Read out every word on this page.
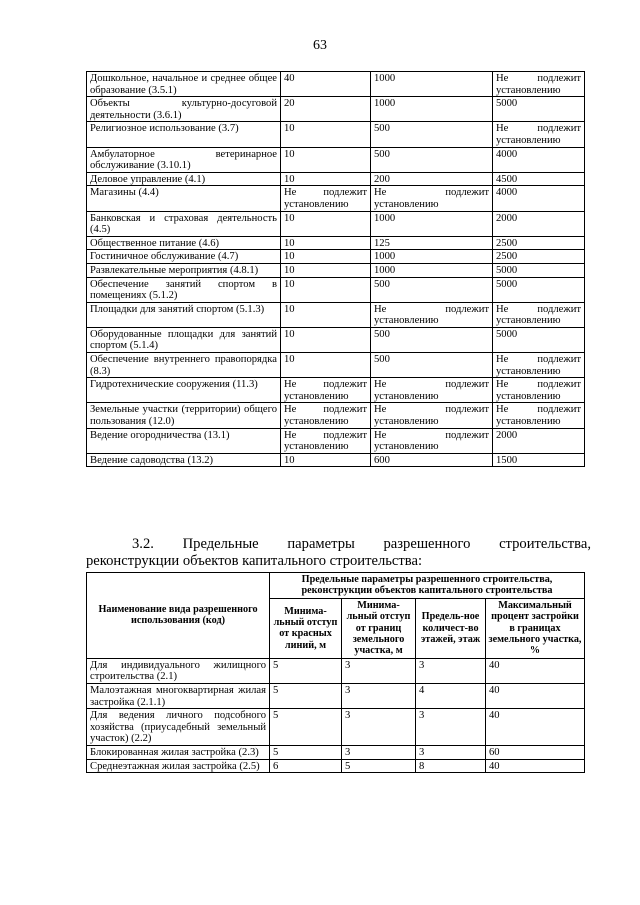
63
Дошкольное, начальное и среднее общее образование (3.5.1)	40	1000	Не подлежит установлению
Объекты культурно-досуговой деятельности (3.6.1)	20	1000	5000
Религиозное использование (3.7)	10	500	Не подлежит установлению
Амбулаторное ветеринарное обслуживание (3.10.1)	10	500	4000
Деловое управление (4.1)	10	200	4500
Магазины (4.4)	Не подлежит установлению	Не подлежит установлению	4000
Банковская и страховая деятельность (4.5)	10	1000	2000
Общественное питание (4.6)	10	125	2500
Гостиничное обслуживание (4.7)	10	1000	2500
Развлекательные мероприятия (4.8.1)	10	1000	5000
Обеспечение занятий спортом в помещениях (5.1.2)	10	500	5000
Площадки для занятий спортом (5.1.3)	10	Не подлежит установлению	Не подлежит установлению
Оборудованные площадки для занятий спортом (5.1.4)	10	500	5000
Обеспечение внутреннего правопорядка (8.3)	10	500	Не подлежит установлению
Гидротехнические сооружения (11.3)	Не подлежит установлению	Не подлежит установлению	Не подлежит установлению
Земельные участки (территории) общего пользования (12.0)	Не подлежит установлению	Не подлежит установлению	Не подлежит установлению
Ведение огородничества (13.1)	Не подлежит установлению	Не подлежит установлению	2000
Ведение садоводства (13.2)	10	600	1500
3.2. Предельные параметры разрешенного строительства,
реконструкции объектов капитального строительства:
Наименование вида разрешенного использования (код)	Предельные параметры разрешенного строительства, реконструкции объектов капитального строительства			
	Минима-льный отступ от красных линий, м	Минима-льный отступ от границ земельного участка, м	Предель-ное количест-во этажей, этаж	Максимальный процент застройки в границах земельного участка, %
Для индивидуального жилищного строительства (2.1)	5	3	3	40
Малоэтажная многоквартирная жилая застройка (2.1.1)	5	3	4	40
Для ведения личного подсобного хозяйства (приусадебный земельный участок) (2.2)	5	3	3	40
Блокированная жилая застройка (2.3)	5	3	3	60
Среднеэтажная жилая застройка (2.5)	6	5	8	40
